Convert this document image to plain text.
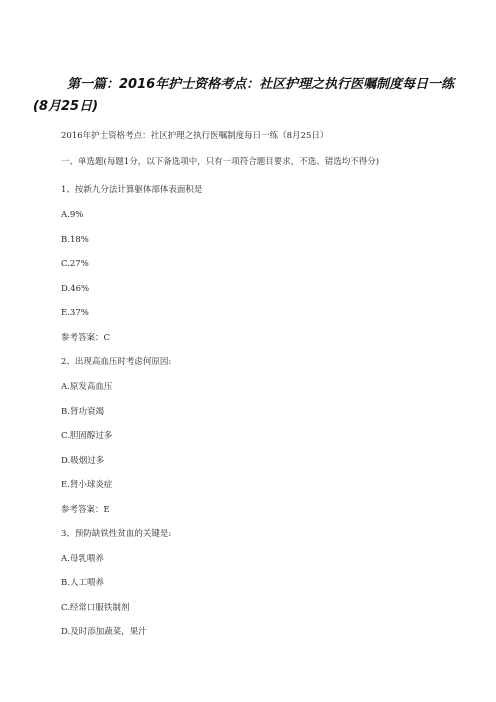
第一篇：2016年护士资格考点：社区护理之执行医嘱制度每日一练(8月25日)
2016年护士资格考点：社区护理之执行医嘱制度每日一练（8月25日）
一、单选题(每题1分，以下备选项中，只有一项符合题目要求，不选、错选均不得分)
1、按新九分法计算躯体部体表面积是
A.9%
B.18%
C.27%
D.46%
E.37%
参考答案：C
2、出现高血压时考虑何原因:
A.原发高血压
B.肾功衰竭
C.胆固醇过多
D.吸烟过多
E.肾小球炎症
参考答案：E
3、预防缺铁性贫血的关键是:
A.母乳喂养
B.人工喂养
C.经常口服铁制剂
D.及时添加蔬菜，果汁
